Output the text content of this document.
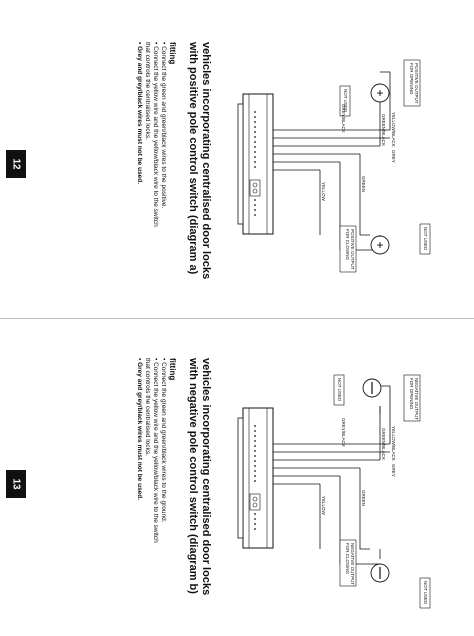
12	vehicles incorporating centralised door locks
with positive pole control switch (diagram a)
fitting
• Connect the green and green/black wires to the positive.
• Connect the yellow wire and the yellow/black wire to the switch
that controls the centralised locks.
• Grey and grey/black wires must not be used.	+
+
POSITIVE OUTPUT
FOR OPENING
NOT USED
POSITIVE OUTPUT
FOR CLOSING	NOT USED
YELLOW/BLACK
GREY
GREEN/BLACK
GREEN
GREY/BLACK
YELLOW
13	vehicles incorporating centralised door locks
with negative pole control switch (diagram b)
fitting
• Connect the green and green/black wires to the ground.
• Connect the yellow wire and the yellow/black wire to the switch
that controls the centralised locks.
• Grey and grey/black wires must not be used.	NEGATIVE OUTPUT
FOR OPENING
NOT USED
NEGATIVE OUTPUT
FOR CLOSING
NOT USED
YELLOW/BLACK
GREY
GREEN/BLACK
GREEN
GREY/BLACK
YELLOW
